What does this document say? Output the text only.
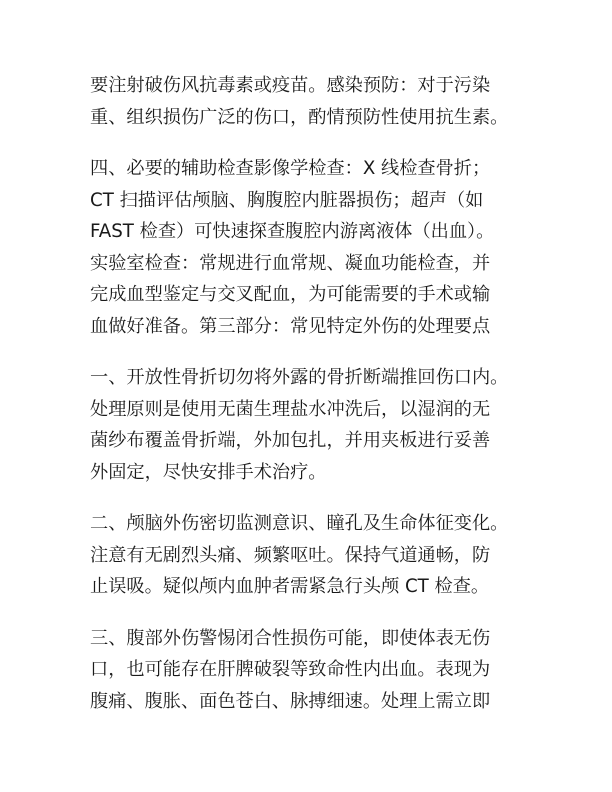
要注射破伤风抗毒素或疫苗。感染预防：对于污染
重、组织损伤广泛的伤口，酌情预防性使用抗生素。

四、必要的辅助检查影像学检查：X 线检查骨折；
CT 扫描评估颅脑、胸腹腔内脏器损伤；超声（如
FAST 检查）可快速探查腹腔内游离液体（出血）。
实验室检查：常规进行血常规、凝血功能检查，并
完成血型鉴定与交叉配血，为可能需要的手术或输
血做好准备。第三部分：常见特定外伤的处理要点

一、开放性骨折切勿将外露的骨折断端推回伤口内。
处理原则是使用无菌生理盐水冲洗后，以湿润的无
菌纱布覆盖骨折端，外加包扎，并用夹板进行妥善
外固定，尽快安排手术治疗。

二、颅脑外伤密切监测意识、瞳孔及生命体征变化。
注意有无剧烈头痛、频繁呕吐。保持气道通畅，防
止误吸。疑似颅内血肿者需紧急行头颅 CT 检查。

三、腹部外伤警惕闭合性损伤可能，即使体表无伤
口，也可能存在肝脾破裂等致命性内出血。表现为
腹痛、腹胀、面色苍白、脉搏细速。处理上需立即
